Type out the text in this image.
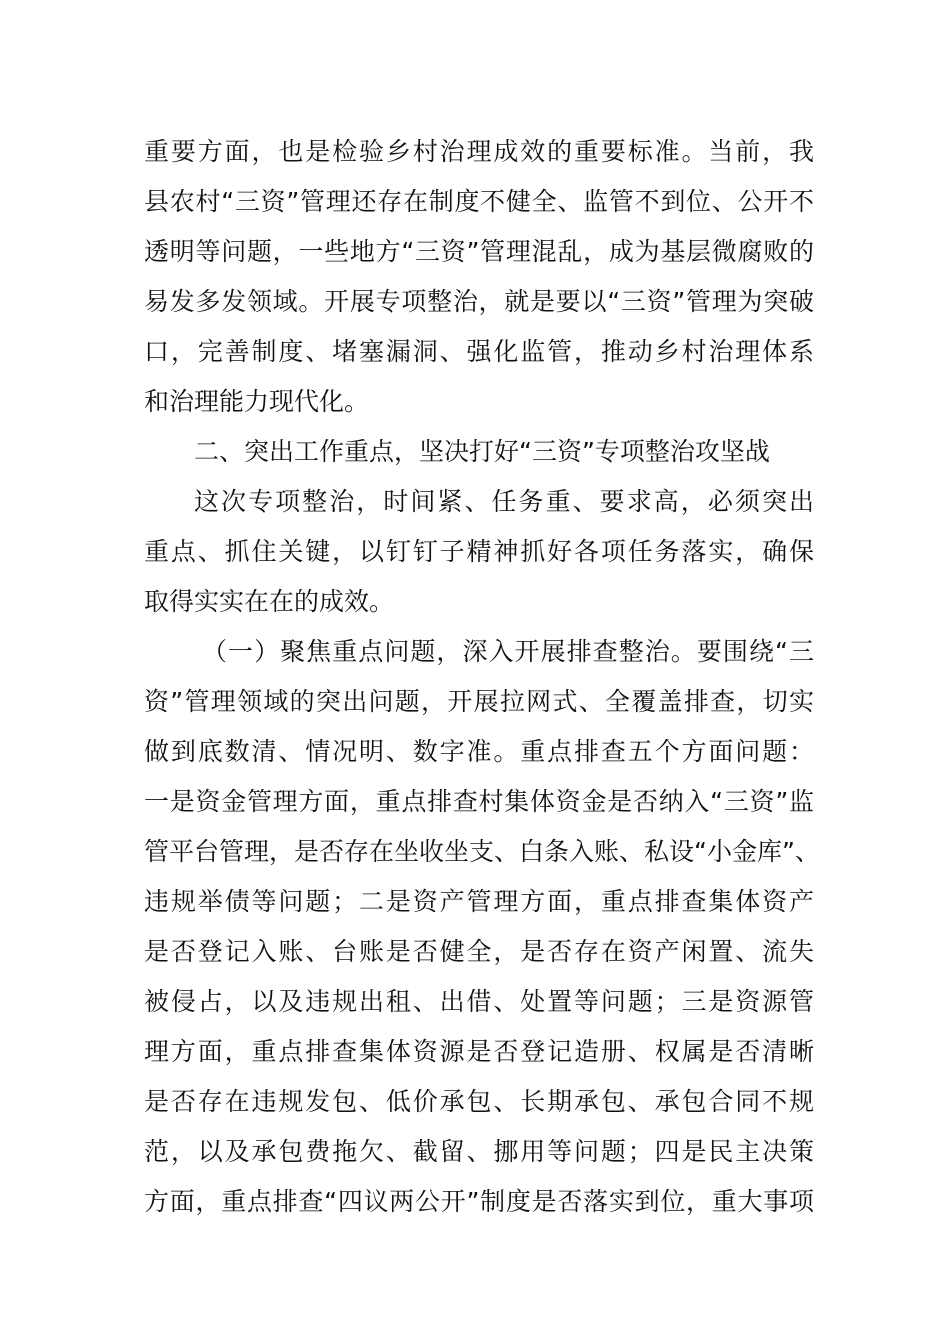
重要方面，也是检验乡村治理成效的重要标准。当前，我
县农村“三资”管理还存在制度不健全、监管不到位、公开不
透明等问题，一些地方“三资”管理混乱，成为基层微腐败的
易发多发领域。开展专项整治，就是要以“三资”管理为突破
口，完善制度、堵塞漏洞、强化监管，推动乡村治理体系
和治理能力现代化。
二、突出工作重点，坚决打好“三资”专项整治攻坚战
这次专项整治，时间紧、任务重、要求高，必须突出
重点、抓住关键，以钉钉子精神抓好各项任务落实，确保
取得实实在在的成效。
（一）聚焦重点问题，深入开展排查整治。要围绕“三
资”管理领域的突出问题，开展拉网式、全覆盖排查，切实
做到底数清、情况明、数字准。重点排查五个方面问题：
一是资金管理方面，重点排查村集体资金是否纳入“三资”监
管平台管理，是否存在坐收坐支、白条入账、私设“小金库”、
违规举债等问题；二是资产管理方面，重点排查集体资产
是否登记入账、台账是否健全，是否存在资产闲置、流失
被侵占，以及违规出租、出借、处置等问题；三是资源管
理方面，重点排查集体资源是否登记造册、权属是否清晰
是否存在违规发包、低价承包、长期承包、承包合同不规
范，以及承包费拖欠、截留、挪用等问题；四是民主决策
方面，重点排查“四议两公开”制度是否落实到位，重大事项
